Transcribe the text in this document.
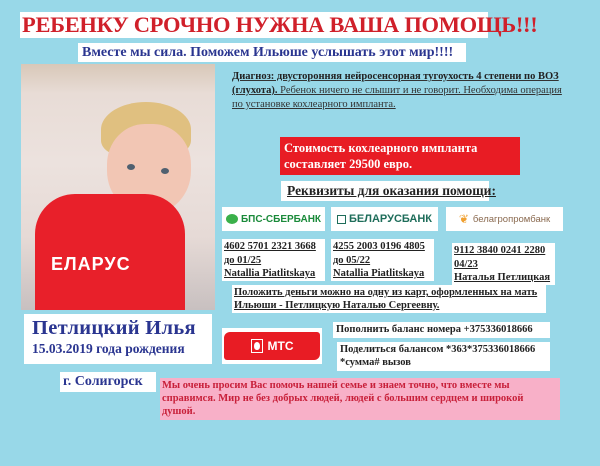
РЕБЕНКУ СРОЧНО НУЖНА ВАША ПОМОЩЬ!!!
Вместе мы сила. Поможем Ильюше услышать этот мир!!!!
ЕЛАРУС
Диагноз: двусторонняя нейросенсорная тугоухость 4 степени по ВОЗ (глухота). Ребенок ничего не слышит и не говорит. Необходима операция по установке кохлеарного импланта.
Стоимость кохлеарного импланта составляет 29500 евро.
Реквизиты для оказания помощи:
БПС-СБЕРБАНК	БЕЛАРУСБАНК ❦ белагропромбанк
4602 5701 2321 3668
до 01/25
Natallia Piatlitskaya
4255 2003 0196 4805
до 05/22
Natallia Piatlitskaya
9112 3840 0241 2280
04/23
Наталья Петлицкая
Положить деньги можно на одну из карт, оформленных на мать Ильюши - Петлицкую Наталью Сергеевну.
Петлицкий Илья
15.03.2019 года рождения	МТС
Пополнить баланс номера +375336018666
Поделиться балансом *363*375336018666
*сумма# вызов
г. Солигорск	Мы очень просим Вас помочь нашей семье и знаем точно, что вместе мы справимся. Мир не без добрых людей, людей с большим сердцем и широкой душой.
